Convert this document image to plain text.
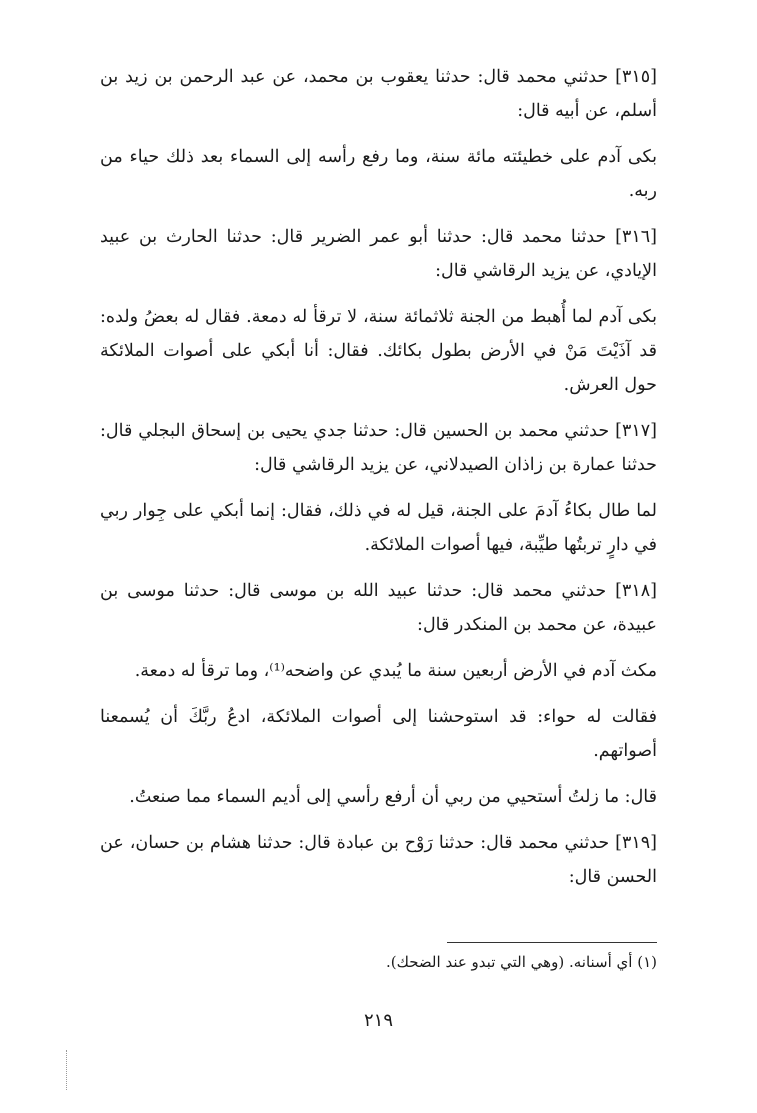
[٣١٥] حدثني محمد قال: حدثنا يعقوب بن محمد، عن عبد الرحمن بن زيد بن أسلم، عن أبيه قال:

بكى آدم على خطيئته مائة سنة، وما رفع رأسه إلى السماء بعد ذلك حياء من ربه.

[٣١٦] حدثنا محمد قال: حدثنا أبو عمر الضرير قال: حدثنا الحارث بن عبيد الإيادي، عن يزيد الرقاشي قال:

بكى آدم لما أُهبط من الجنة ثلاثمائة سنة، لا ترقأ له دمعة. فقال له بعضُ ولده: قد آذَيْتَ مَنْ في الأرض بطول بكائك. فقال: أنا أبكي على أصوات الملائكة حول العرش.

[٣١٧] حدثني محمد بن الحسين قال: حدثنا جدي يحيى بن إسحاق البجلي قال: حدثنا عمارة بن زاذان الصيدلاني، عن يزيد الرقاشي قال:

لما طال بكاءُ آدمَ على الجنة، قيل له في ذلك، فقال: إنما أبكي على جِوار ربي في دارٍ تربتُها طيِّبة، فيها أصوات الملائكة.

[٣١٨] حدثني محمد قال: حدثنا عبيد الله بن موسى قال: حدثنا موسى بن عبيدة، عن محمد بن المنكدر قال:

مكث آدم في الأرض أربعين سنة ما يُبدي عن واضحه⁽¹⁾، وما ترقأ له دمعة.

فقالت له حواء: قد استوحشنا إلى أصوات الملائكة، ادعُ ربَّكَ أن يُسمعنا أصواتهم.

قال: ما زلتُ أستحيي من ربي أن أرفع رأسي إلى أديم السماء مما صنعتُ.

[٣١٩] حدثني محمد قال: حدثنا رَوْح بن عبادة قال: حدثنا هشام بن حسان، عن الحسن قال:

(١) أي أسنانه. (وهي التي تبدو عند الضحك).
٢١٩
